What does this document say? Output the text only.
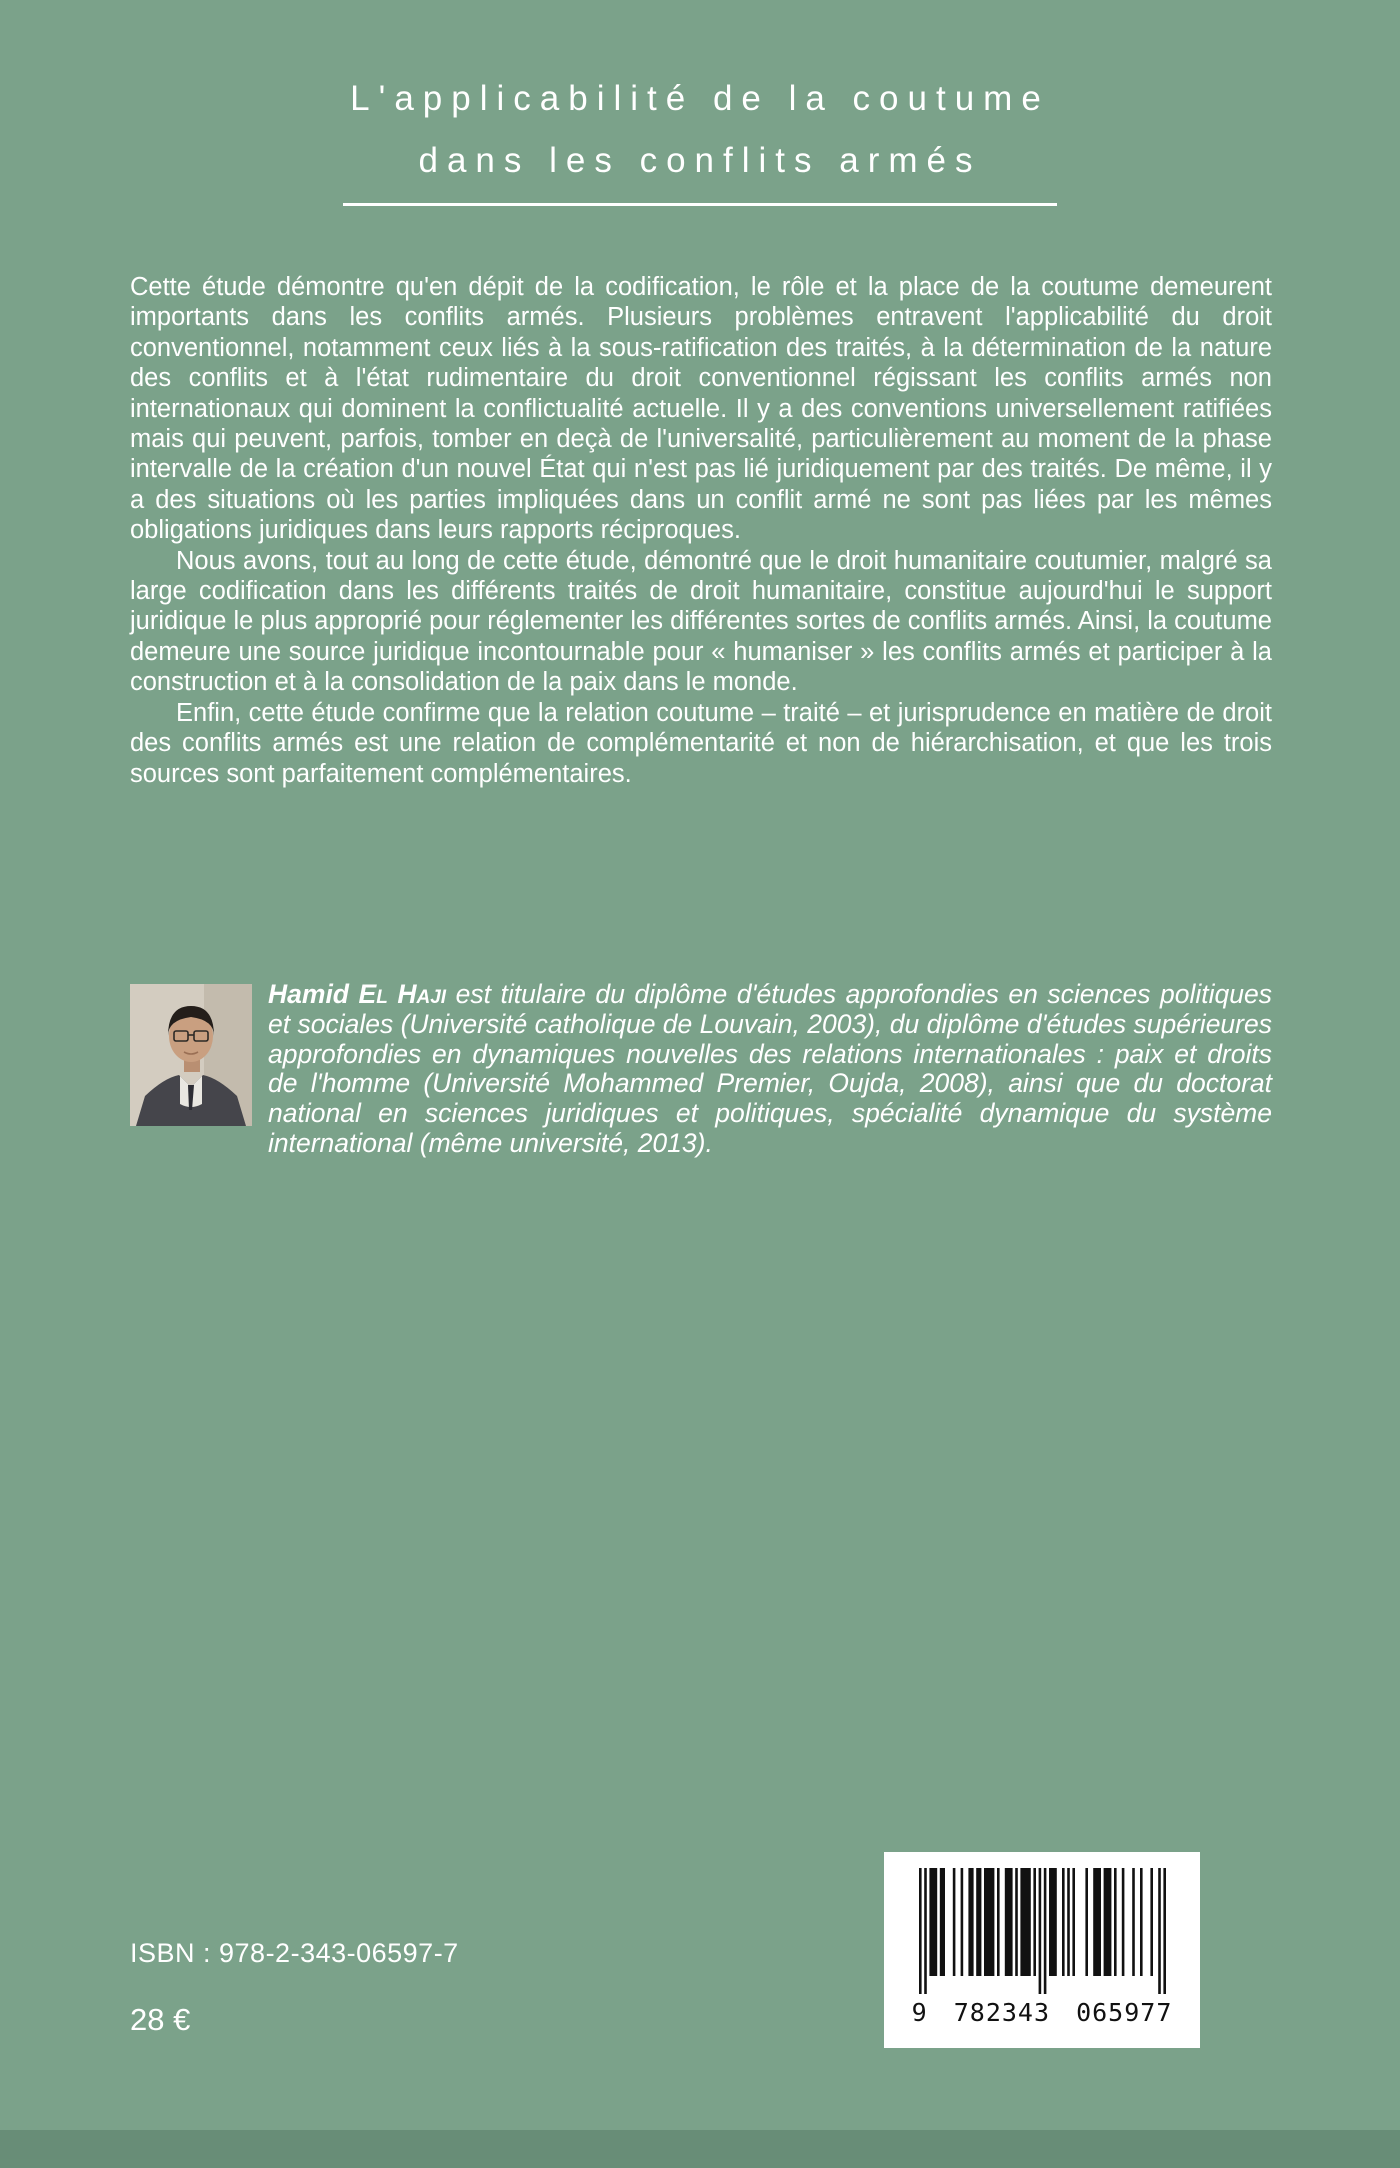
L'applicabilité de la coutume
dans les conflits armés

Cette étude démontre qu'en dépit de la codification, le rôle et la place de la coutume demeurent importants dans les conflits armés. Plusieurs problèmes entravent l'applicabilité du droit conventionnel, notamment ceux liés à la sous-ratification des traités, à la détermination de la nature des conflits et à l'état rudimentaire du droit conventionnel régissant les conflits armés non internationaux qui dominent la conflictualité actuelle. Il y a des conventions universellement ratifiées mais qui peuvent, parfois, tomber en deçà de l'universalité, particulièrement au moment de la phase intervalle de la création d'un nouvel État qui n'est pas lié juridiquement par des traités. De même, il y a des situations où les parties impliquées dans un conflit armé ne sont pas liées par les mêmes obligations juridiques dans leurs rapports réciproques.

Nous avons, tout au long de cette étude, démontré que le droit humanitaire coutumier, malgré sa large codification dans les différents traités de droit humanitaire, constitue aujourd'hui le support juridique le plus approprié pour réglementer les différentes sortes de conflits armés. Ainsi, la coutume demeure une source juridique incontournable pour « humaniser » les conflits armés et participer à la construction et à la consolidation de la paix dans le monde.

Enfin, cette étude confirme que la relation coutume – traité – et jurisprudence en matière de droit des conflits armés est une relation de complémentarité et non de hiérarchisation, et que les trois sources sont parfaitement complémentaires.

Hamid El Haji est titulaire du diplôme d'études approfondies en sciences politiques et sociales (Université catholique de Louvain, 2003), du diplôme d'études supérieures approfondies en dynamiques nouvelles des relations internationales : paix et droits de l'homme (Université Mohammed Premier, Oujda, 2008), ainsi que du doctorat national en sciences juridiques et politiques, spécialité dynamique du système international (même université, 2013).

9 782343 065977
ISBN : 978-2-343-06597-7
28 €
